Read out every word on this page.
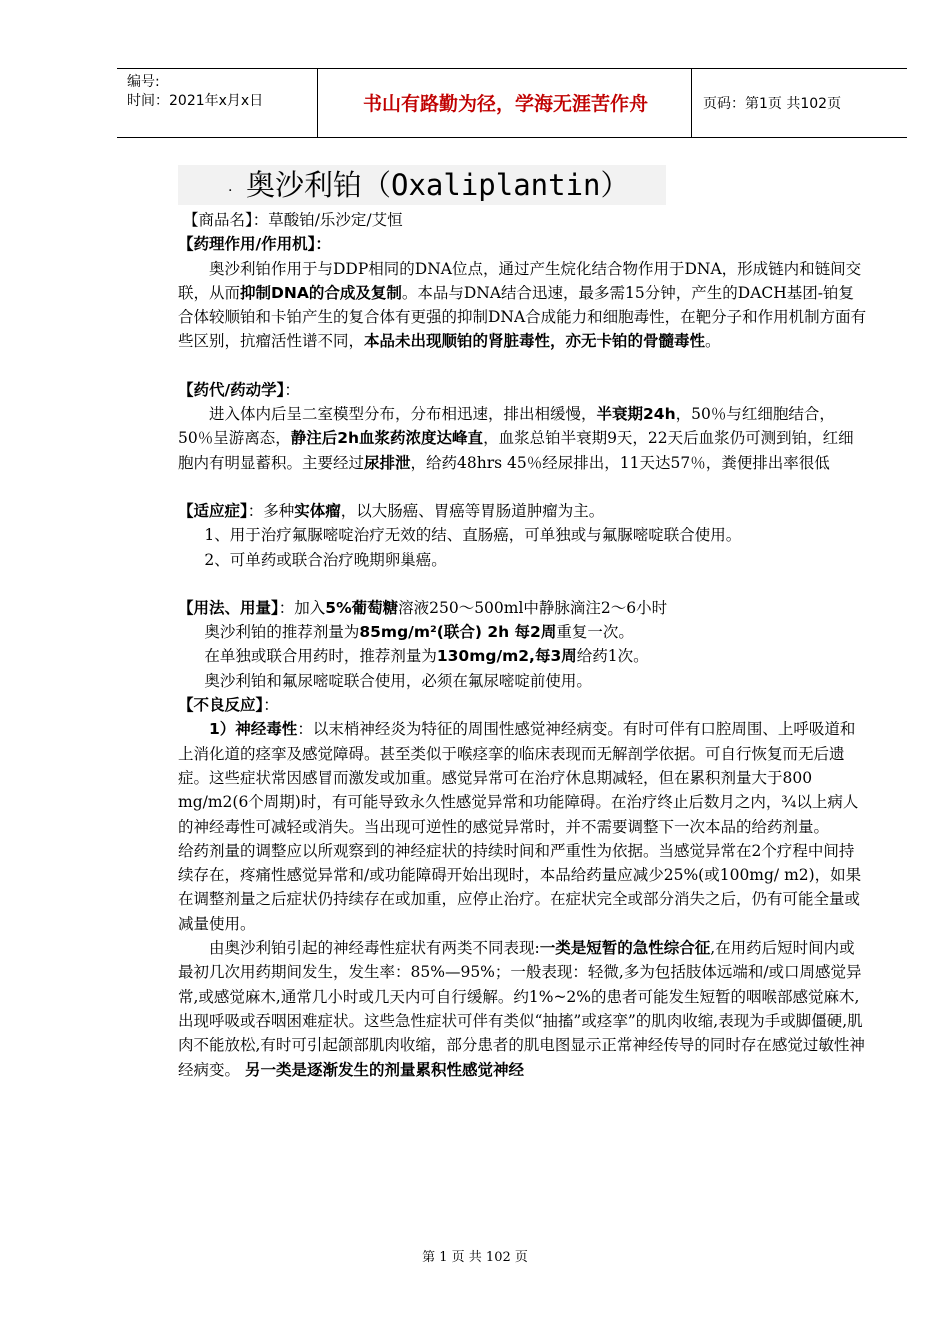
编号:
时间：2021年x月x日	书山有路勤为径，学海无涯苦作舟	页码：第1页 共102页
. 奥沙利铂（Oxaliplantin）

【商品名】：草酸铂/乐沙定/艾恒

【药理作用/作用机】：

奥沙利铂作用于与DDP相同的DNA位点，通过产生烷化结合物作用于DNA，形成链内和链间交联，从而抑制DNA的合成及复制。本品与DNA结合迅速，最多需15分钟，产生的DACH基团-铂复合体较顺铂和卡铂产生的复合体有更强的抑制DNA合成能力和细胞毒性，在靶分子和作用机制方面有些区别，抗瘤活性谱不同，本品未出现顺铂的肾脏毒性，亦无卡铂的骨髓毒性。

【药代/药动学】：

进入体内后呈二室模型分布，分布相迅速，排出相缓慢，半衰期24h，50％与红细胞结合，50％呈游离态，静注后2h血浆药浓度达峰直，血浆总铂半衰期9天，22天后血浆仍可测到铂，红细胞内有明显蓄积。主要经过尿排泄，给药48hrs 45％经尿排出，11天达57％，粪便排出率很低

【适应症】：多种实体瘤，以大肠癌、胃癌等胃肠道肿瘤为主。

1、用于治疗氟脲嘧啶治疗无效的结、直肠癌，可单独或与氟脲嘧啶联合使用。

2、可单药或联合治疗晚期卵巢癌。

【用法、用量】：加入5%葡萄糖溶液250～500ml中静脉滴注2～6小时

奥沙利铂的推荐剂量为85mg/m²(联合) 2h 每2周重复一次。

在单独或联合用药时，推荐剂量为130mg/m2,每3周给药1次。

奥沙利铂和氟尿嘧啶联合使用，必须在氟尿嘧啶前使用。

【不良反应】：

1）神经毒性：以末梢神经炎为特征的周围性感觉神经病变。有时可伴有口腔周围、上呼吸道和上消化道的痉挛及感觉障碍。甚至类似于喉痉挛的临床表现而无解剖学依据。可自行恢复而无后遗症。这些症状常因感冒而激发或加重。感觉异常可在治疗休息期减轻，但在累积剂量大于800 mg/m2(6个周期)时，有可能导致永久性感觉异常和功能障碍。在治疗终止后数月之内，¾以上病人的神经毒性可减轻或消失。当出现可逆性的感觉异常时，并不需要调整下一次本品的给药剂量。

给药剂量的调整应以所观察到的神经症状的持续时间和严重性为依据。当感觉异常在2个疗程中间持续存在，疼痛性感觉异常和/或功能障碍开始出现时，本品给药量应减少25%(或100mg/ m2)，如果在调整剂量之后症状仍持续存在或加重，应停止治疗。在症状完全或部分消失之后，仍有可能全量或减量使用。

由奥沙利铂引起的神经毒性症状有两类不同表现:一类是短暂的急性综合征,在用药后短时间内或最初几次用药期间发生，发生率：85%—95%；一般表现：轻微,多为包括肢体远端和/或口周感觉异常,或感觉麻木,通常几小时或几天内可自行缓解。约1%~2%的患者可能发生短暂的咽喉部感觉麻木,出现呼吸或吞咽困难症状。这些急性症状可伴有类似“抽搐”或痉挛”的肌肉收缩,表现为手或脚僵硬,肌肉不能放松,有时可引起颌部肌肉收缩，部分患者的肌电图显示正常神经传导的同时存在感觉过敏性神经病变。 另一类是逐渐发生的剂量累积性感觉神经

第 1 页 共 102 页
